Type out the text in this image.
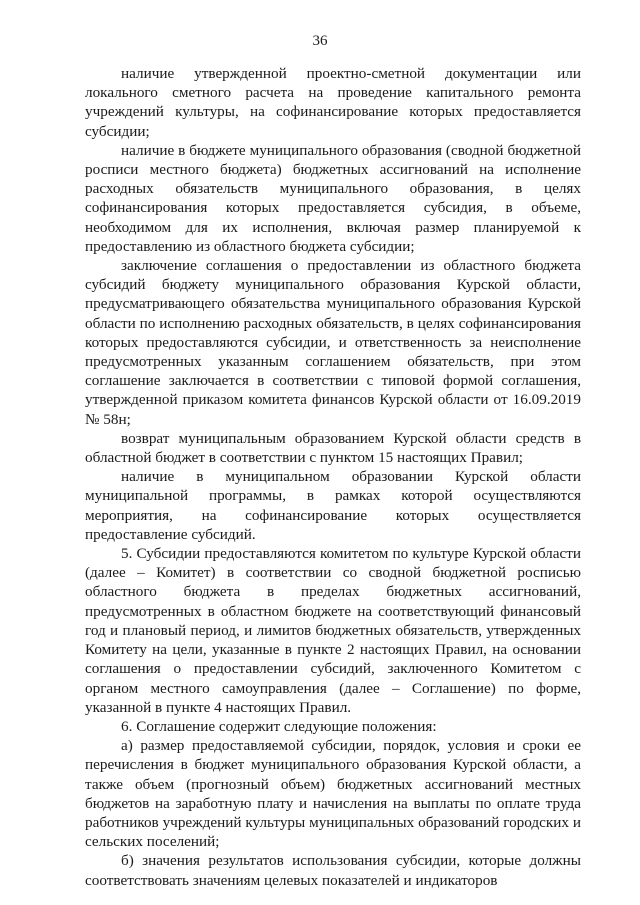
36

наличие утвержденной проектно-сметной документации или локального сметного расчета на проведение капитального ремонта учреждений культуры, на софинансирование которых предоставляется субсидии;

наличие в бюджете муниципального образования (сводной бюджетной росписи местного бюджета) бюджетных ассигнований на исполнение расходных обязательств муниципального образования, в целях софинансирования которых предоставляется субсидия, в объеме, необходимом для их исполнения, включая размер планируемой к предоставлению из областного бюджета субсидии;

заключение соглашения о предоставлении из областного бюджета субсидий бюджету муниципального образования Курской области, предусматривающего обязательства муниципального образования Курской области по исполнению расходных обязательств, в целях софинансирования которых предоставляются субсидии, и ответственность за неисполнение предусмотренных указанным соглашением обязательств, при этом соглашение заключается в соответствии с типовой формой соглашения, утвержденной приказом комитета финансов Курской области от 16.09.2019 № 58н;

возврат муниципальным образованием Курской области средств в областной бюджет в соответствии с пунктом 15 настоящих Правил;

наличие в муниципальном образовании Курской области муниципальной программы, в рамках которой осуществляются мероприятия, на софинансирование которых осуществляется предоставление субсидий.

5. Субсидии предоставляются комитетом по культуре Курской области (далее – Комитет) в соответствии со сводной бюджетной росписью областного бюджета в пределах бюджетных ассигнований, предусмотренных в областном бюджете на соответствующий финансовый год и плановый период, и лимитов бюджетных обязательств, утвержденных Комитету на цели, указанные в пункте 2 настоящих Правил, на основании соглашения о предоставлении субсидий, заключенного Комитетом с органом местного самоуправления (далее – Соглашение) по форме, указанной в пункте 4 настоящих Правил.

6. Соглашение содержит следующие положения:

а) размер предоставляемой субсидии, порядок, условия и сроки ее перечисления в бюджет муниципального образования Курской области, а также объем (прогнозный объем) бюджетных ассигнований местных бюджетов на заработную плату и начисления на выплаты по оплате труда работников учреждений культуры муниципальных образований городских и сельских поселений;

б) значения результатов использования субсидии, которые должны соответствовать значениям целевых показателей и индикаторов
